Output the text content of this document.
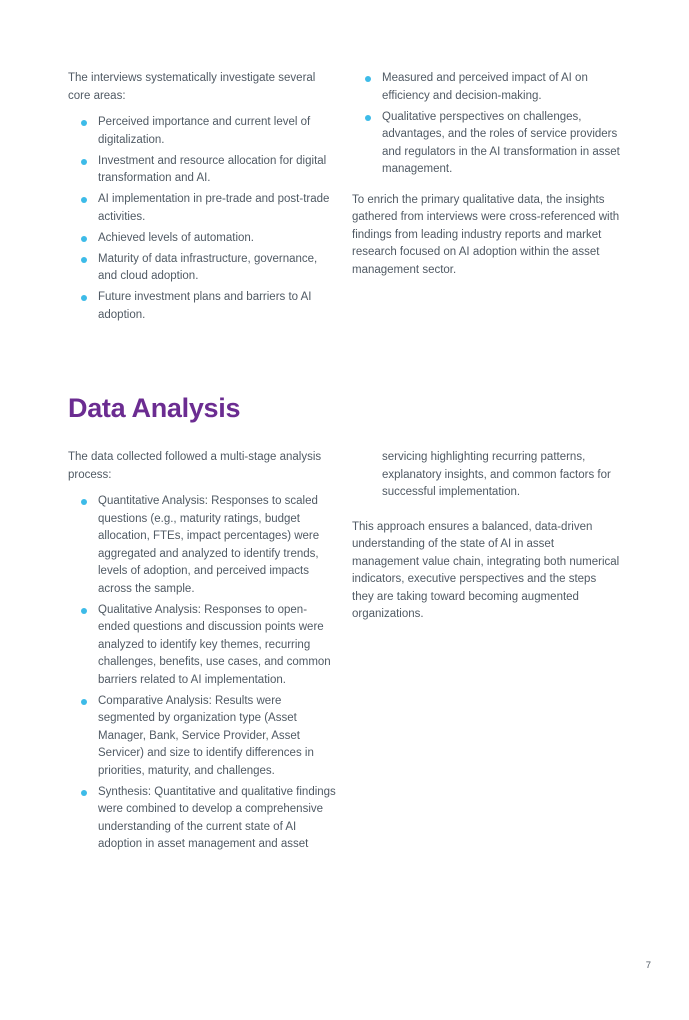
The interviews systematically investigate several core areas:

Perceived importance and current level of digitalization.
Investment and resource allocation for digital transformation and AI.
AI implementation in pre-trade and post-trade activities.
Achieved levels of automation.
Maturity of data infrastructure, governance, and cloud adoption.
Future investment plans and barriers to AI adoption.
Measured and perceived impact of AI on efficiency and decision-making.
Qualitative perspectives on challenges, advantages, and the roles of service providers and regulators in the AI transformation in asset management.

To enrich the primary qualitative data, the insights gathered from interviews were cross-referenced with findings from leading industry reports and market research focused on AI adoption within the asset management sector.

Data Analysis

The data collected followed a multi-stage analysis process:

Quantitative Analysis: Responses to scaled questions (e.g., maturity ratings, budget allocation, FTEs, impact percentages) were aggregated and analyzed to identify trends, levels of adoption, and perceived impacts across the sample.
Qualitative Analysis: Responses to open-ended questions and discussion points were analyzed to identify key themes, recurring challenges, benefits, use cases, and common barriers related to AI implementation.
Comparative Analysis: Results were segmented by organization type (Asset Manager, Bank, Service Provider, Asset Servicer) and size to identify differences in priorities, maturity, and challenges.
Synthesis: Quantitative and qualitative findings were combined to develop a comprehensive understanding of the current state of AI adoption in asset management and asset

servicing highlighting recurring patterns, explanatory insights, and common factors for successful implementation.

This approach ensures a balanced, data-driven understanding of the state of AI in asset management value chain, integrating both numerical indicators, executive perspectives and the steps they are taking toward becoming augmented organizations.

7
